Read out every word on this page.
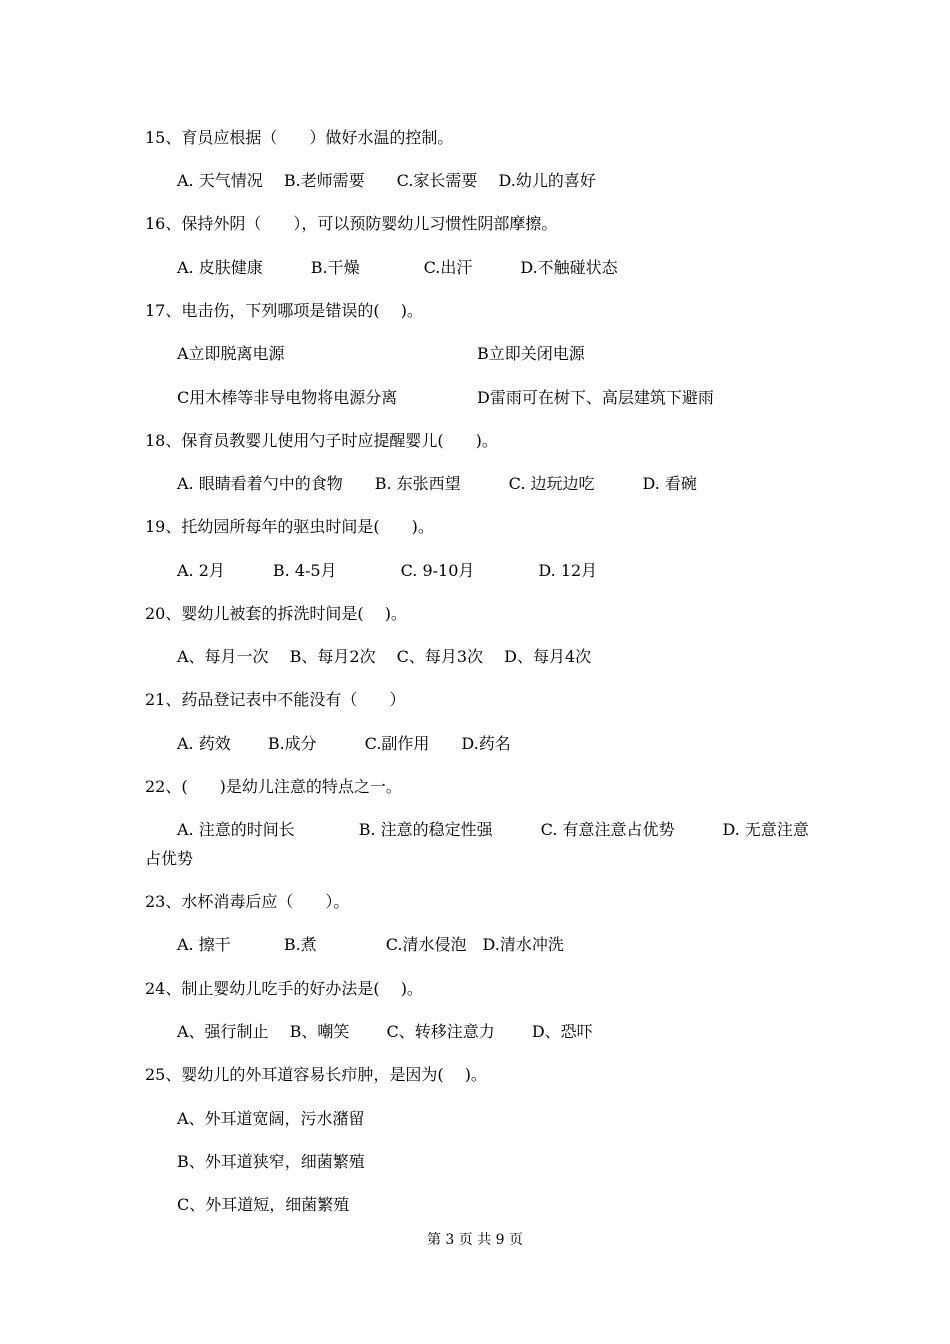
15、育员应根据（　　）做好水温的控制。
A. 天气情况　 B.老师需要　　C.家长需要　 D.幼儿的喜好
16、保持外阴（　　），可以预防婴幼儿习惯性阴部摩擦。
A. 皮肤健康　　　B.干燥　　　　C.出汗　　　D.不触碰状态
17、电击伤，下列哪项是错误的(　 )。
A立即脱离电源	B立即关闭电源
C用木棒等非导电物将电源分离	D雷雨可在树下、高层建筑下避雨
18、保育员教婴儿使用勺子时应提醒婴儿(　　)。
A. 眼睛看着勺中的食物　　B. 东张西望　　　C. 边玩边吃　　　D. 看碗
19、托幼园所每年的驱虫时间是(　　)。
A. 2月　　　B. 4-5月　　　　C. 9-10月　　　　D. 12月
20、婴幼儿被套的拆洗时间是(　 )。
A、每月一次　 B、每月2次　 C、每月3次　 D、每月4次
21、药品登记表中不能没有（　　）
A. 药效　　 B.成分　　　C.副作用　　D.药名
22、(　　)是幼儿注意的特点之一。
A. 注意的时间长　　　　B. 注意的稳定性强　　　C. 有意注意占优势　　　D. 无意注意
占优势
23、水杯消毒后应（　　）。
A. 擦干　　　 B.煮　　　　 C.清水侵泡　D.清水冲洗
24、制止婴幼儿吃手的好办法是(　 )。
A、强行制止　 B、嘲笑　　 C、转移注意力　　 D、恐吓
25、婴幼儿的外耳道容易长疖肿，是因为(　 )。
A、外耳道宽阔，污水潴留
B、外耳道狭窄，细菌繁殖
C、外耳道短，细菌繁殖
第 3 页 共 9 页
